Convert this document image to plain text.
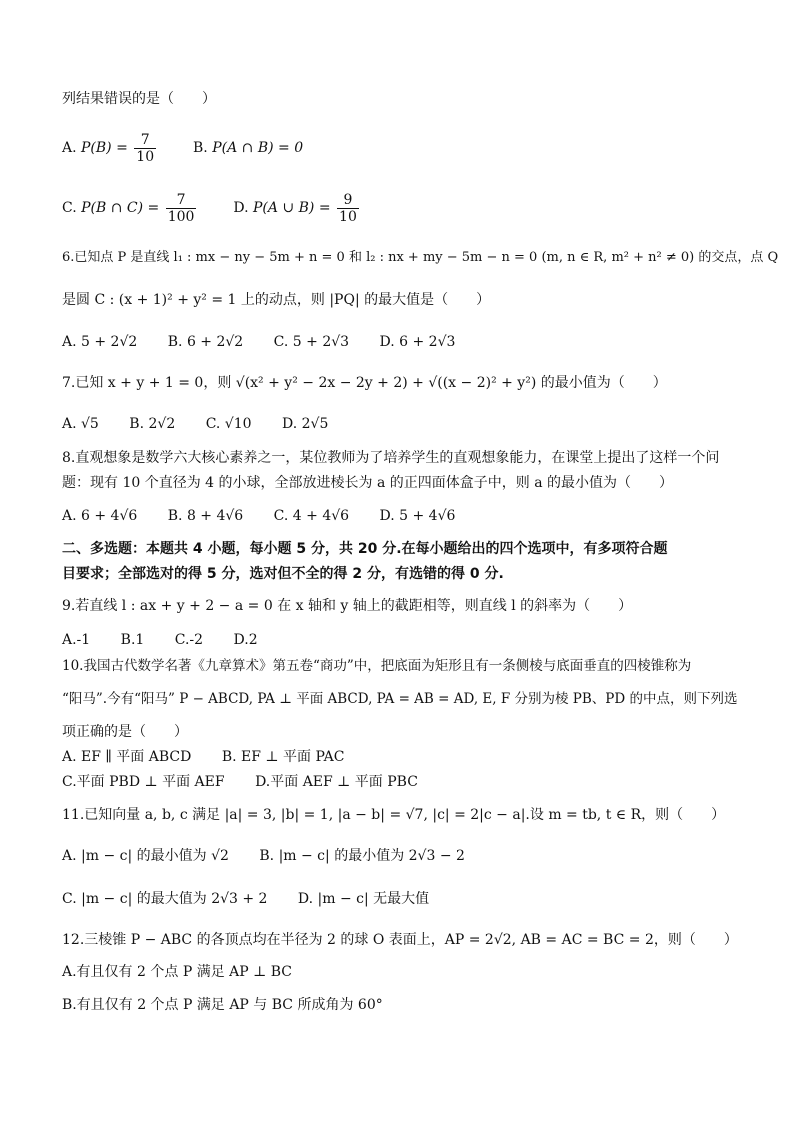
列结果错误的是（　　）
A. $P(B) = \frac{7}{10}$	B. P(A ∩ B) = 0
C. P(B ∩ $C) = \frac{7}{100}$	D. P(A ∪ $B) = \frac{9}{10}$
6.已知点 P 是直线 l₁ : mx − ny − 5m + n = 0 和 l₂ : nx + my − 5m − n = 0 (m, n ∈ R, m² + n² ≠ 0) 的交点，点 Q
是圆 C : (x + 1)² + y² = 1 上的动点，则 |PQ| 的最大值是（　　）
A. 5 + 2√2 B. 6 + 2√2 C. 5 + 2√3 D. 6 + 2√3
7.已知 x + y + 1 = 0，则 √(x² + y² − 2x − 2y + 2) + √((x − 2)² + y²) 的最小值为（　　）
A. √5 B. 2√2 C. √10 D. 2√5
8.直观想象是数学六大核心素养之一，某位教师为了培养学生的直观想象能力，在课堂上提出了这样一个问
题：现有 10 个直径为 4 的小球，全部放进棱长为 a 的正四面体盒子中，则 a 的最小值为（　　）
A. 6 + 4√6 B. 8 + 4√6 C. 4 + 4√6 D. 5 + 4√6
二、多选题：本题共 4 小题，每小题 5 分，共 20 分.在每小题给出的四个选项中，有多项符合题
目要求；全部选对的得 5 分，选对但不全的得 2 分，有选错的得 0 分.
9.若直线 l : ax + y + 2 − a = 0 在 x 轴和 y 轴上的截距相等，则直线 l 的斜率为（　　）
A.-1 B.1 C.-2 D.2
10.我国古代数学名著《九章算术》第五卷“商功”中，把底面为矩形且有一条侧棱与底面垂直的四棱锥称为
“阳马”.今有“阳马” P − ABCD, PA ⊥ 平面 ABCD, PA = AB = AD, E, F 分别为棱 PB、PD 的中点，则下列选
项正确的是（　　）
A. EF ∥ 平面 ABCD B. EF ⊥ 平面 PAC
C.平面 PBD ⊥ 平面 AEF D.平面 AEF ⊥ 平面 PBC
11.已知向量 a, b, c 满足 |a| = 3, |b| = 1, |a − b| = √7, |c| = 2|c − a|.设 m = tb, t ∈ R，则（　　）
A. |m − c| 的最小值为 √2 B. |m − c| 的最小值为 2√3 − 2
C. |m − c| 的最大值为 2√3 + 2 D. |m − c| 无最大值
12.三棱锥 P − ABC 的各顶点均在半径为 2 的球 O 表面上，AP = 2√2, AB = AC = BC = 2，则（　　）
A.有且仅有 2 个点 P 满足 AP ⊥ BC
B.有且仅有 2 个点 P 满足 AP 与 BC 所成角为 60°
